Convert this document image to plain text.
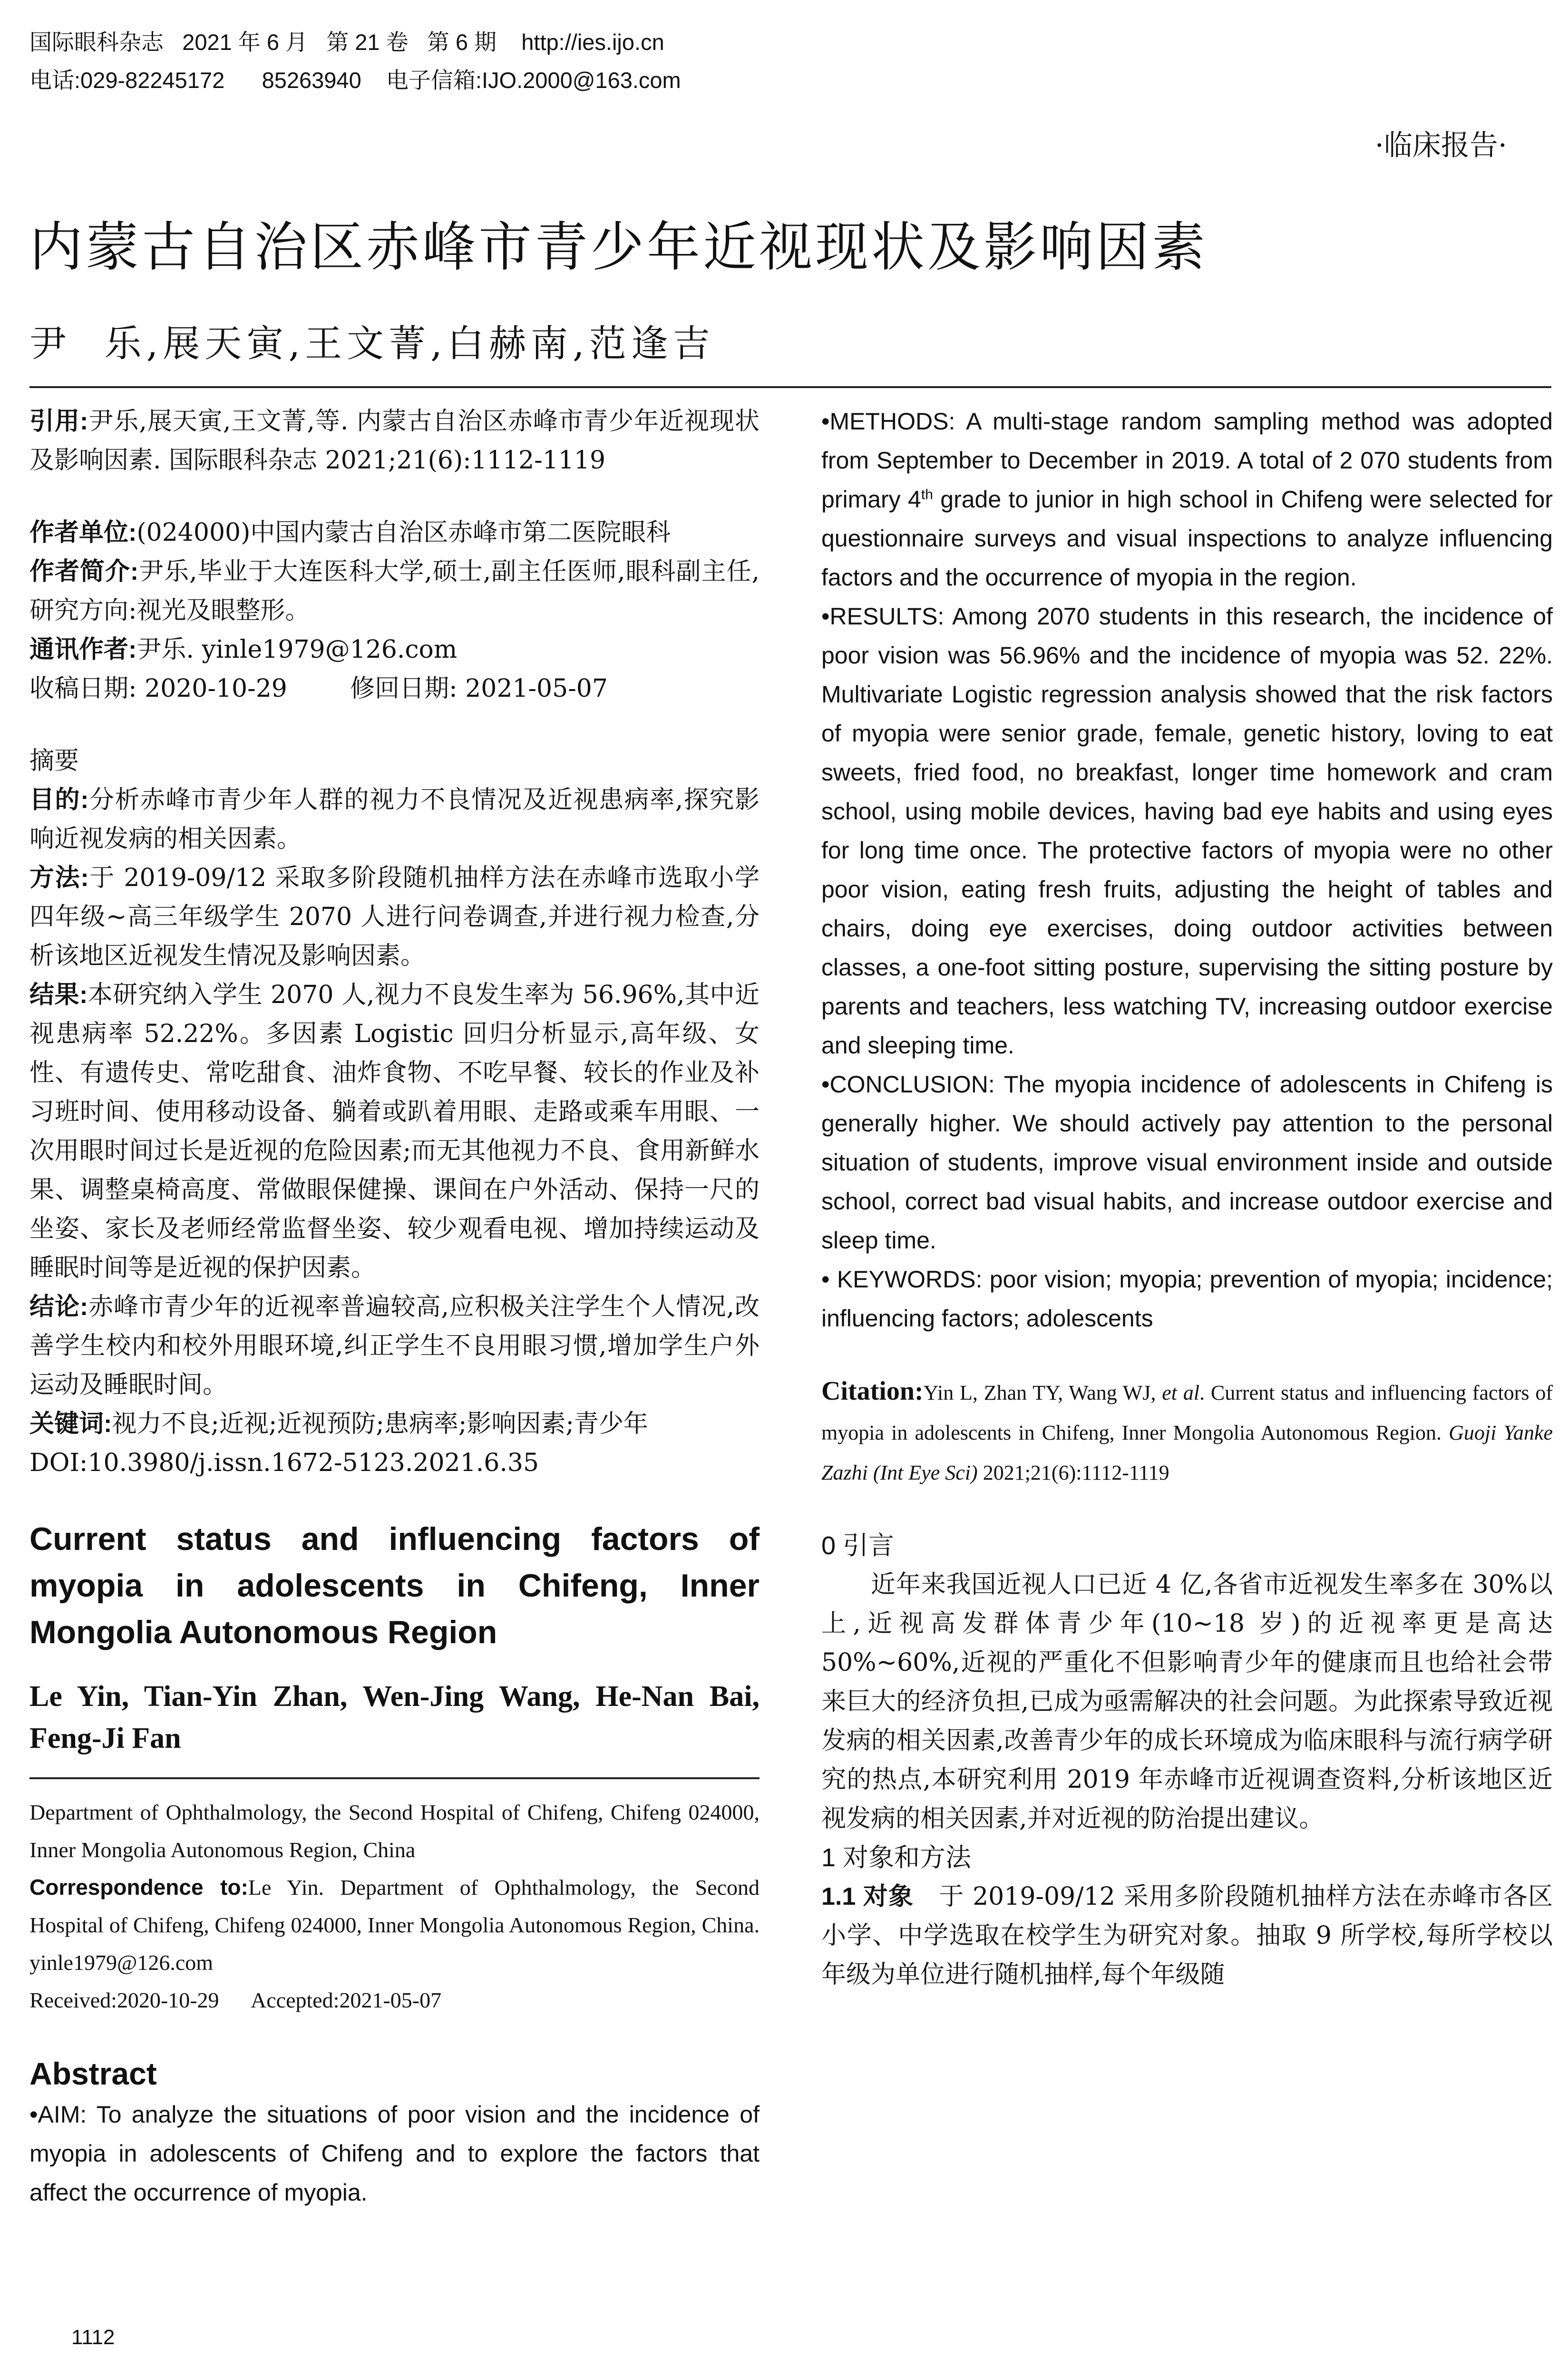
国际眼科杂志   2021 年 6 月   第 21 卷   第 6 期    http://ies.ijo.cn
电话:029-82245172      85263940    电子信箱:IJO.2000@163.com
·临床报告·
内蒙古自治区赤峰市青少年近视现状及影响因素
尹  乐,展天寅,王文菁,白赫南,范逢吉

引用:尹乐,展天寅,王文菁,等. 内蒙古自治区赤峰市青少年近视现状及影响因素. 国际眼科杂志 2021;21(6):1112-1119

作者单位:(024000)中国内蒙古自治区赤峰市第二医院眼科

作者简介:尹乐,毕业于大连医科大学,硕士,副主任医师,眼科副主任,研究方向:视光及眼整形。

通讯作者:尹乐. yinle1979@126.com

收稿日期: 2020-10-29        修回日期: 2021-05-07

摘要

目的:分析赤峰市青少年人群的视力不良情况及近视患病率,探究影响近视发病的相关因素。

方法:于 2019-09/12 采取多阶段随机抽样方法在赤峰市选取小学四年级~高三年级学生 2070 人进行问卷调查,并进行视力检查,分析该地区近视发生情况及影响因素。

结果:本研究纳入学生 2070 人,视力不良发生率为 56.96%,其中近视患病率 52.22%。多因素 Logistic 回归分析显示,高年级、女性、有遗传史、常吃甜食、油炸食物、不吃早餐、较长的作业及补习班时间、使用移动设备、躺着或趴着用眼、走路或乘车用眼、一次用眼时间过长是近视的危险因素;而无其他视力不良、食用新鲜水果、调整桌椅高度、常做眼保健操、课间在户外活动、保持一尺的坐姿、家长及老师经常监督坐姿、较少观看电视、增加持续运动及睡眠时间等是近视的保护因素。

结论:赤峰市青少年的近视率普遍较高,应积极关注学生个人情况,改善学生校内和校外用眼环境,纠正学生不良用眼习惯,增加学生户外运动及睡眠时间。

关键词:视力不良;近视;近视预防;患病率;影响因素;青少年

DOI:10.3980/j.issn.1672-5123.2021.6.35

Current status and influencing factors of myopia in adolescents in Chifeng, Inner Mongolia Autonomous Region

Le Yin, Tian-Yin Zhan, Wen-Jing Wang, He-Nan Bai, Feng-Ji Fan

Department of Ophthalmology, the Second Hospital of Chifeng, Chifeng 024000, Inner Mongolia Autonomous Region, China

Correspondence to:Le Yin. Department of Ophthalmology, the Second Hospital of Chifeng, Chifeng 024000, Inner Mongolia Autonomous Region, China. yinle1979@126.com

Received:2020-10-29      Accepted:2021-05-07

Abstract

•AIM: To analyze the situations of poor vision and the incidence of myopia in adolescents of Chifeng and to explore the factors that affect the occurrence of myopia.

•METHODS: A multi-stage random sampling method was adopted from September to December in 2019. A total of 2 070 students from primary 4th grade to junior in high school in Chifeng were selected for questionnaire surveys and visual inspections to analyze influencing factors and the occurrence of myopia in the region.

•RESULTS: Among 2070 students in this research, the incidence of poor vision was 56.96% and the incidence of myopia was 52. 22%. Multivariate Logistic regression analysis showed that the risk factors of myopia were senior grade, female, genetic history, loving to eat sweets, fried food, no breakfast, longer time homework and cram school, using mobile devices, having bad eye habits and using eyes for long time once. The protective factors of myopia were no other poor vision, eating fresh fruits, adjusting the height of tables and chairs, doing eye exercises, doing outdoor activities between classes, a one-foot sitting posture, supervising the sitting posture by parents and teachers, less watching TV, increasing outdoor exercise and sleeping time.

•CONCLUSION: The myopia incidence of adolescents in Chifeng is generally higher. We should actively pay attention to the personal situation of students, improve visual environment inside and outside school, correct bad visual habits, and increase outdoor exercise and sleep time.

• KEYWORDS: poor vision; myopia; prevention of myopia; incidence; influencing factors; adolescents

Citation:Yin L, Zhan TY, Wang WJ, et al. Current status and influencing factors of myopia in adolescents in Chifeng, Inner Mongolia Autonomous Region. Guoji Yanke Zazhi (Int Eye Sci) 2021;21(6):1112-1119

0 引言

近年来我国近视人口已近 4 亿,各省市近视发生率多在 30%以上,近视高发群体青少年(10~18 岁)的近视率更是高达 50%~60%,近视的严重化不但影响青少年的健康而且也给社会带来巨大的经济负担,已成为亟需解决的社会问题。为此探索导致近视发病的相关因素,改善青少年的成长环境成为临床眼科与流行病学研究的热点,本研究利用 2019 年赤峰市近视调查资料,分析该地区近视发病的相关因素,并对近视的防治提出建议。

1 对象和方法

1.1 对象 于 2019-09/12 采用多阶段随机抽样方法在赤峰市各区小学、中学选取在校学生为研究对象。抽取 9 所学校,每所学校以年级为单位进行随机抽样,每个年级随

1112
